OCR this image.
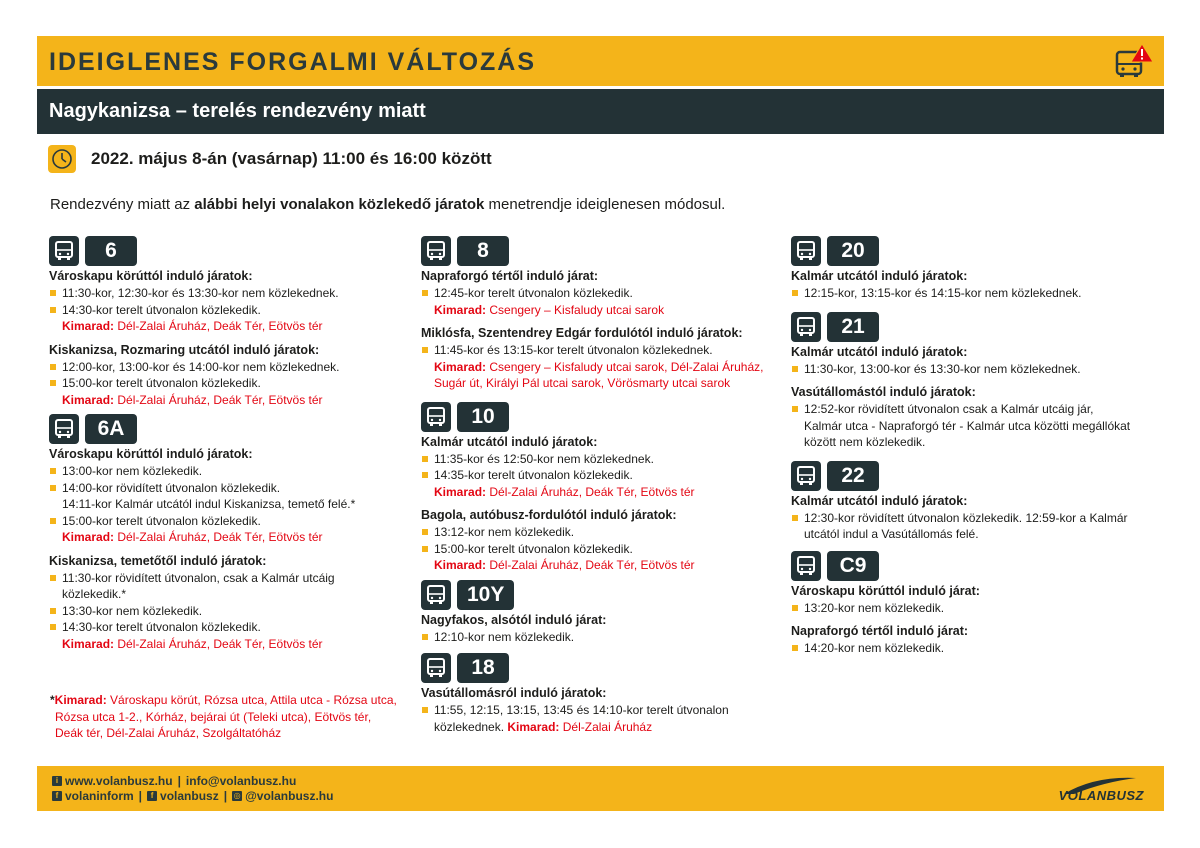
IDEIGLENES FORGALMI VÁLTOZÁS
Nagykanizsa – terelés rendezvény miatt
2022. május 8-án (vasárnap) 11:00 és 16:00 között
Rendezvény miatt az alábbi helyi vonalakon közlekedő járatok menetrendje ideiglenesen módosul.
6
Városkapu körúttól induló járatok:
11:30-kor, 12:30-kor és 13:30-kor nem közlekednek.
14:30-kor terelt útvonalon közlekedik.
Kimarad: Dél-Zalai Áruház, Deák Tér, Eötvös tér
Kiskanizsa, Rozmaring utcától induló járatok:
12:00-kor, 13:00-kor és 14:00-kor nem közlekednek.
15:00-kor terelt útvonalon közlekedik.
Kimarad: Dél-Zalai Áruház, Deák Tér, Eötvös tér
6A
Városkapu körúttól induló járatok:
13:00-kor nem közlekedik.
14:00-kor rövidített útvonalon közlekedik.
14:11-kor Kalmár utcától indul Kiskanizsa, temető felé.*
15:00-kor terelt útvonalon közlekedik.
Kimarad: Dél-Zalai Áruház, Deák Tér, Eötvös tér
Kiskanizsa, temetőtől induló járatok:
11:30-kor rövidített útvonalon, csak a Kalmár utcáig
közlekedik.*
13:30-kor nem közlekedik.
14:30-kor terelt útvonalon közlekedik.
Kimarad: Dél-Zalai Áruház, Deák Tér, Eötvös tér
*Kimarad: Városkapu körút, Rózsa utca, Attila utca - Rózsa utca,
Rózsa utca 1-2., Kórház, bejárai út (Teleki utca), Eötvös tér,
Deák tér, Dél-Zalai Áruház, Szolgáltatóház
8
Napraforgó tértől induló járat:
12:45-kor terelt útvonalon közlekedik.
Kimarad: Csengery – Kisfaludy utcai sarok
Miklósfa, Szentendrey Edgár fordulótól induló járatok:
11:45-kor és 13:15-kor terelt útvonalon közlekednek.
Kimarad: Csengery – Kisfaludy utcai sarok, Dél-Zalai Áruház,
Sugár út, Királyi Pál utcai sarok, Vörösmarty utcai sarok
10
Kalmár utcától induló járatok:
11:35-kor és 12:50-kor nem közlekednek.
14:35-kor terelt útvonalon közlekedik.
Kimarad: Dél-Zalai Áruház, Deák Tér, Eötvös tér
Bagola, autóbusz-fordulótól induló járatok:
13:12-kor nem közlekedik.
15:00-kor terelt útvonalon közlekedik.
Kimarad: Dél-Zalai Áruház, Deák Tér, Eötvös tér
10Y
Nagyfakos, alsótól induló járat:
12:10-kor nem közlekedik.
18
Vasútállomásról induló járatok:
11:55, 12:15, 13:15, 13:45 és 14:10-kor terelt útvonalon
közlekednek. Kimarad: Dél-Zalai Áruház
20
Kalmár utcától induló járatok:
12:15-kor, 13:15-kor és 14:15-kor nem közlekednek.
21
Kalmár utcától induló járatok:
11:30-kor, 13:00-kor és 13:30-kor nem közlekednek.
Vasútállomástól induló járatok:
12:52-kor rövidített útvonalon csak a Kalmár utcáig jár,
Kalmár utca - Napraforgó tér - Kalmár utca közötti megállókat
között nem közlekedik.
22
Kalmár utcától induló járatok:
12:30-kor rövidített útvonalon közlekedik. 12:59-kor a Kalmár
utcától indul a Vasútállomás felé.
C9
Városkapu körúttól induló járat:
13:20-kor nem közlekedik.
Napraforgó tértől induló járat:
14:20-kor nem közlekedik.
i www.volanbusz.hu | info@volanbusz.hu
f volaninform |	f volanbusz | ◎ @volanbusz.hu	VOLANBUSZ
